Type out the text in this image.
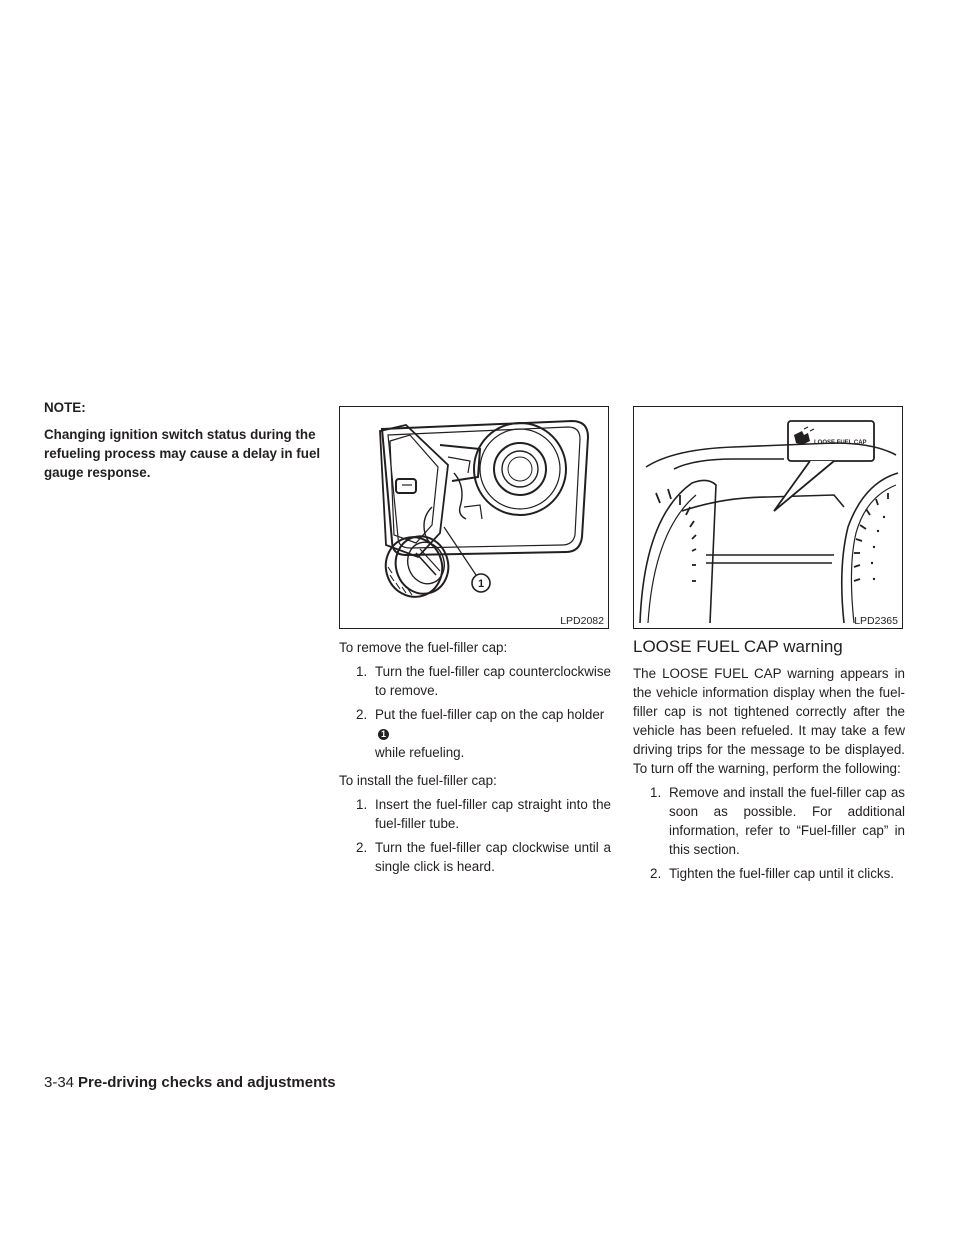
NOTE:

Changing ignition switch status during the refueling process may cause a delay in fuel gauge response.

1
LPD2082

To remove the fuel-filler cap:

1. Turn the fuel-filler cap counterclockwise to remove.
2. Put the fuel-filler cap on the cap holder1
while refueling.

To install the fuel-filler cap:

1. Insert the fuel-filler cap straight into the fuel-filler tube.
2. Turn the fuel-filler cap clockwise until a single click is heard.
LOOSE FUEL CAP
LPD2365
LOOSE FUEL CAP warning

The LOOSE FUEL CAP warning appears in the vehicle information display when the fuel-filler cap is not tightened correctly after the vehicle has been refueled. It may take a few driving trips for the message to be displayed. To turn off the warning, perform the following:

1. Remove and install the fuel-filler cap as soon as possible. For additional information, refer to “Fuel-filler cap” in this section.
2. Tighten the fuel-filler cap until it clicks.
3-34 Pre-driving checks and adjustments
